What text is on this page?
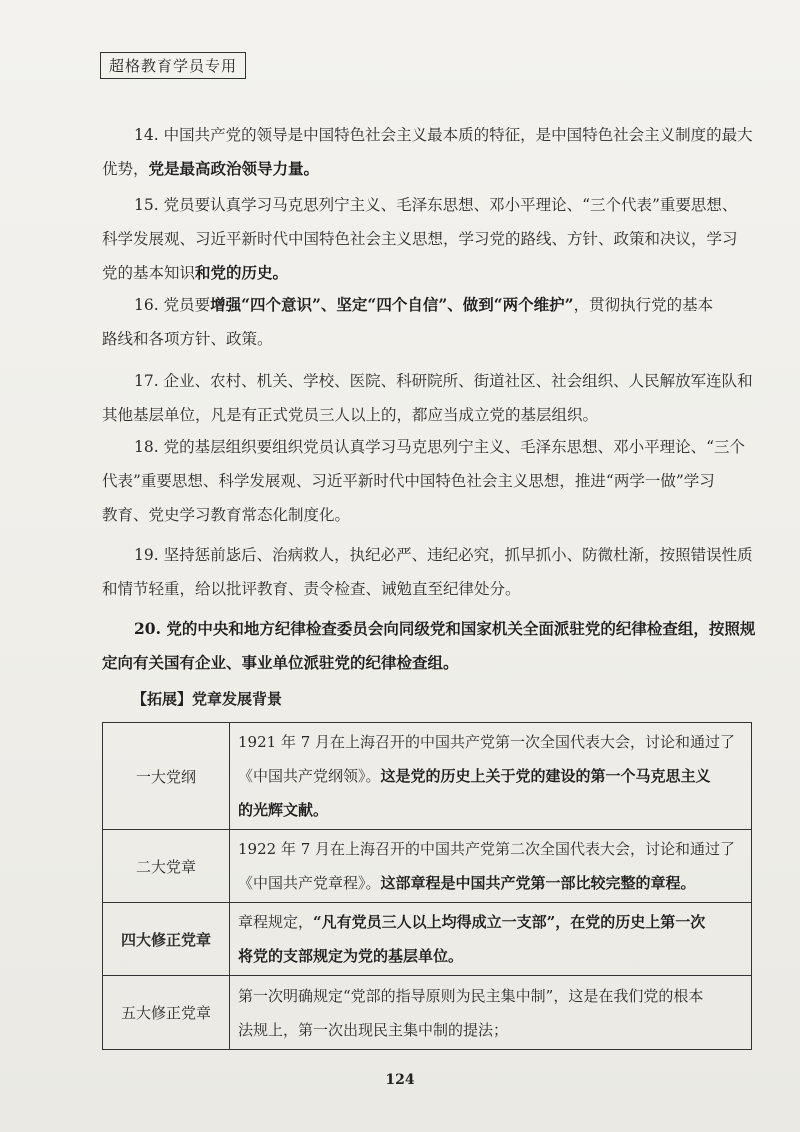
超格教育学员专用
14. 中国共产党的领导是中国特色社会主义最本质的特征，是中国特色社会主义制度的最大
优势，党是最高政治领导力量。
15. 党员要认真学习马克思列宁主义、毛泽东思想、邓小平理论、“三个代表”重要思想、
科学发展观、习近平新时代中国特色社会主义思想，学习党的路线、方针、政策和决议，学习
党的基本知识和党的历史。
16. 党员要增强“四个意识”、坚定“四个自信”、做到“两个维护”，贯彻执行党的基本
路线和各项方针、政策。
17. 企业、农村、机关、学校、医院、科研院所、街道社区、社会组织、人民解放军连队和
其他基层单位，凡是有正式党员三人以上的，都应当成立党的基层组织。
18. 党的基层组织要组织党员认真学习马克思列宁主义、毛泽东思想、邓小平理论、“三个
代表”重要思想、科学发展观、习近平新时代中国特色社会主义思想，推进“两学一做”学习
教育、党史学习教育常态化制度化。
19. 坚持惩前毖后、治病救人，执纪必严、违纪必究，抓早抓小、防微杜渐，按照错误性质
和情节轻重，给以批评教育、责令检查、诫勉直至纪律处分。
20. 党的中央和地方纪律检查委员会向同级党和国家机关全面派驻党的纪律检查组，按照规
定向有关国有企业、事业单位派驻党的纪律检查组。
【拓展】党章发展背景
一大党纲	1921 年 7 月在上海召开的中国共产党第一次全国代表大会，讨论和通过了
《中国共产党纲领》。这是党的历史上关于党的建设的第一个马克思主义
的光辉文献。

二大党章	1922 年 7 月在上海召开的中国共产党第二次全国代表大会，讨论和通过了
《中国共产党章程》。这部章程是中国共产党第一部比较完整的章程。

四大修正党章	章程规定，“凡有党员三人以上均得成立一支部”，在党的历史上第一次
将党的支部规定为党的基层单位。

五大修正党章	第一次明确规定“党部的指导原则为民主集中制”，这是在我们党的根本
法规上，第一次出现民主集中制的提法；
124
